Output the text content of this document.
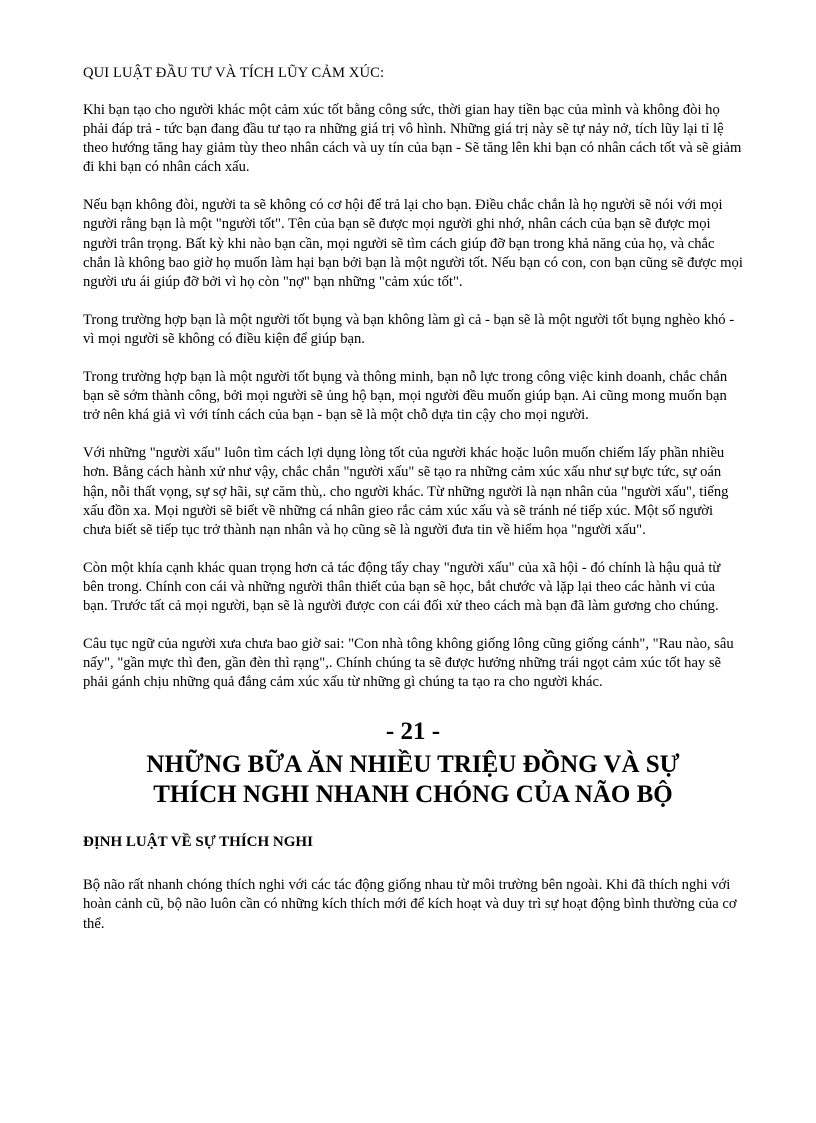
QUI LUẬT ĐẦU TƯ VÀ TÍCH LŨY CẢM XÚC:

Khi bạn tạo cho người khác một cảm xúc tốt bằng công sức, thời gian hay tiền bạc của mình và không đòi họ phải đáp trả - tức bạn đang đầu tư tạo ra những giá trị vô hình. Những giá trị này sẽ tự nảy nở, tích lũy lại tỉ lệ theo hướng tăng hay giảm tùy theo nhân cách và uy tín của bạn - Sẽ tăng lên khi bạn có nhân cách tốt và sẽ giảm đi khi bạn có nhân cách xấu.

Nếu bạn không đòi, người ta sẽ không có cơ hội để trả lại cho bạn. Điều chắc chắn là họ người sẽ nói với mọi người rằng bạn là một "người tốt". Tên của bạn sẽ được mọi người ghi nhớ, nhân cách của bạn sẽ được mọi người trân trọng. Bất kỳ khi nào bạn cần, mọi người sẽ tìm cách giúp đỡ bạn trong khả năng của họ, và chắc chắn là không bao giờ họ muốn làm hại bạn bởi bạn là một người tốt. Nếu bạn có con, con bạn cũng sẽ được mọi người ưu ái giúp đỡ bởi vì họ còn "nợ" bạn những "cảm xúc tốt".

Trong trường hợp bạn là một người tốt bụng và bạn không làm gì cả - bạn sẽ là một người tốt bụng nghèo khó - vì mọi người sẽ không có điều kiện để giúp bạn.

Trong trường hợp bạn là một người tốt bụng và thông minh, bạn nỗ lực trong công việc kinh doanh, chắc chắn bạn sẽ sớm thành công, bởi mọi người sẽ ủng hộ bạn, mọi người đều muốn giúp bạn. Ai cũng mong muốn bạn trở nên khá giả vì với tính cách của bạn - bạn sẽ là một chỗ dựa tin cậy cho mọi người.

Với những "người xấu" luôn tìm cách lợi dụng lòng tốt của người khác hoặc luôn muốn chiếm lấy phần nhiều hơn. Bằng cách hành xử như vậy, chắc chắn "người xấu" sẽ tạo ra những cảm xúc xấu như sự bực tức, sự oán hận, nỗi thất vọng, sự sợ hãi, sự căm thù,. cho người khác. Từ những người là nạn nhân của "người xấu", tiếng xấu đồn xa. Mọi người sẽ biết về những cá nhân gieo rắc cảm xúc xấu và sẽ tránh né tiếp xúc. Một số người chưa biết sẽ tiếp tục trở thành nạn nhân và họ cũng sẽ là người đưa tin về hiểm họa "người xấu".

Còn một khía cạnh khác quan trọng hơn cả tác động tẩy chay "người xấu" của xã hội - đó chính là hậu quả từ bên trong. Chính con cái và những người thân thiết của bạn sẽ học, bắt chước và lặp lại theo các hành vi của bạn. Trước tất cả mọi người, bạn sẽ là người được con cái đối xử theo cách mà bạn đã làm gương cho chúng.

Câu tục ngữ của người xưa chưa bao giờ sai: "Con nhà tông không giống lông cũng giống cánh", "Rau nào, sâu nấy", "gần mực thì đen, gần đèn thì rạng",. Chính chúng ta sẽ được hưởng những trái ngọt cảm xúc tốt hay sẽ phải gánh chịu những quả đắng cảm xúc xấu từ những gì chúng ta tạo ra cho người khác.

- 21 -
NHỮNG BỮA ĂN NHIỀU TRIỆU ĐỒNG VÀ SỰ THÍCH NGHI NHANH CHÓNG CỦA NÃO BỘ

ĐỊNH LUẬT VỀ SỰ THÍCH NGHI

Bộ não rất nhanh chóng thích nghi với các tác động giống nhau từ môi trường bên ngoài. Khi đã thích nghi với hoàn cảnh cũ, bộ não luôn cần có những kích thích mới để kích hoạt và duy trì sự hoạt động bình thường của cơ thể.
